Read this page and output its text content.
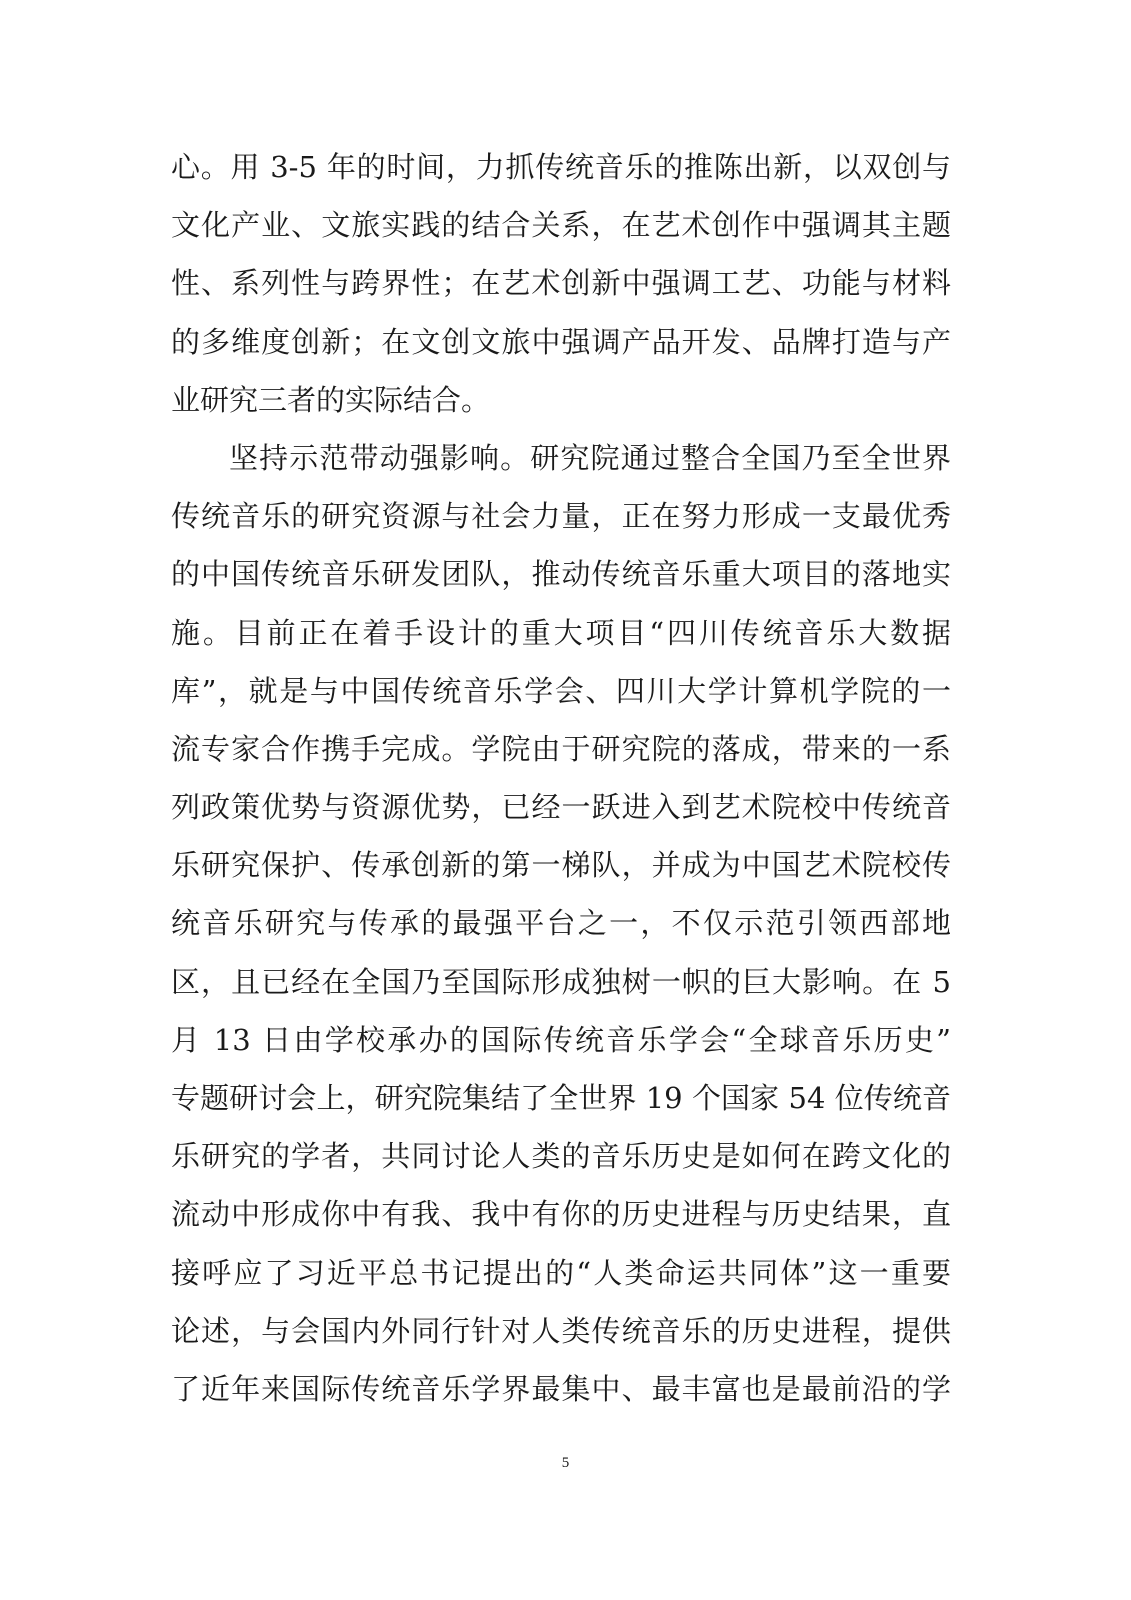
心。用 3-5 年的时间，力抓传统音乐的推陈出新，以双创与
文化产业、文旅实践的结合关系，在艺术创作中强调其主题
性、系列性与跨界性；在艺术创新中强调工艺、功能与材料
的多维度创新；在文创文旅中强调产品开发、品牌打造与产
业研究三者的实际结合。
坚持示范带动强影响。研究院通过整合全国乃至全世界
传统音乐的研究资源与社会力量，正在努力形成一支最优秀
的中国传统音乐研发团队，推动传统音乐重大项目的落地实
施。目前正在着手设计的重大项目“四川传统音乐大数据
库”，就是与中国传统音乐学会、四川大学计算机学院的一
流专家合作携手完成。学院由于研究院的落成，带来的一系
列政策优势与资源优势，已经一跃进入到艺术院校中传统音
乐研究保护、传承创新的第一梯队，并成为中国艺术院校传
统音乐研究与传承的最强平台之一，不仅示范引领西部地
区，且已经在全国乃至国际形成独树一帜的巨大影响。在 5
月 13 日由学校承办的国际传统音乐学会“全球音乐历史”
专题研讨会上，研究院集结了全世界 19 个国家 54 位传统音
乐研究的学者，共同讨论人类的音乐历史是如何在跨文化的
流动中形成你中有我、我中有你的历史进程与历史结果，直
接呼应了习近平总书记提出的“人类命运共同体”这一重要
论述，与会国内外同行针对人类传统音乐的历史进程，提供
了近年来国际传统音乐学界最集中、最丰富也是最前沿的学
5
